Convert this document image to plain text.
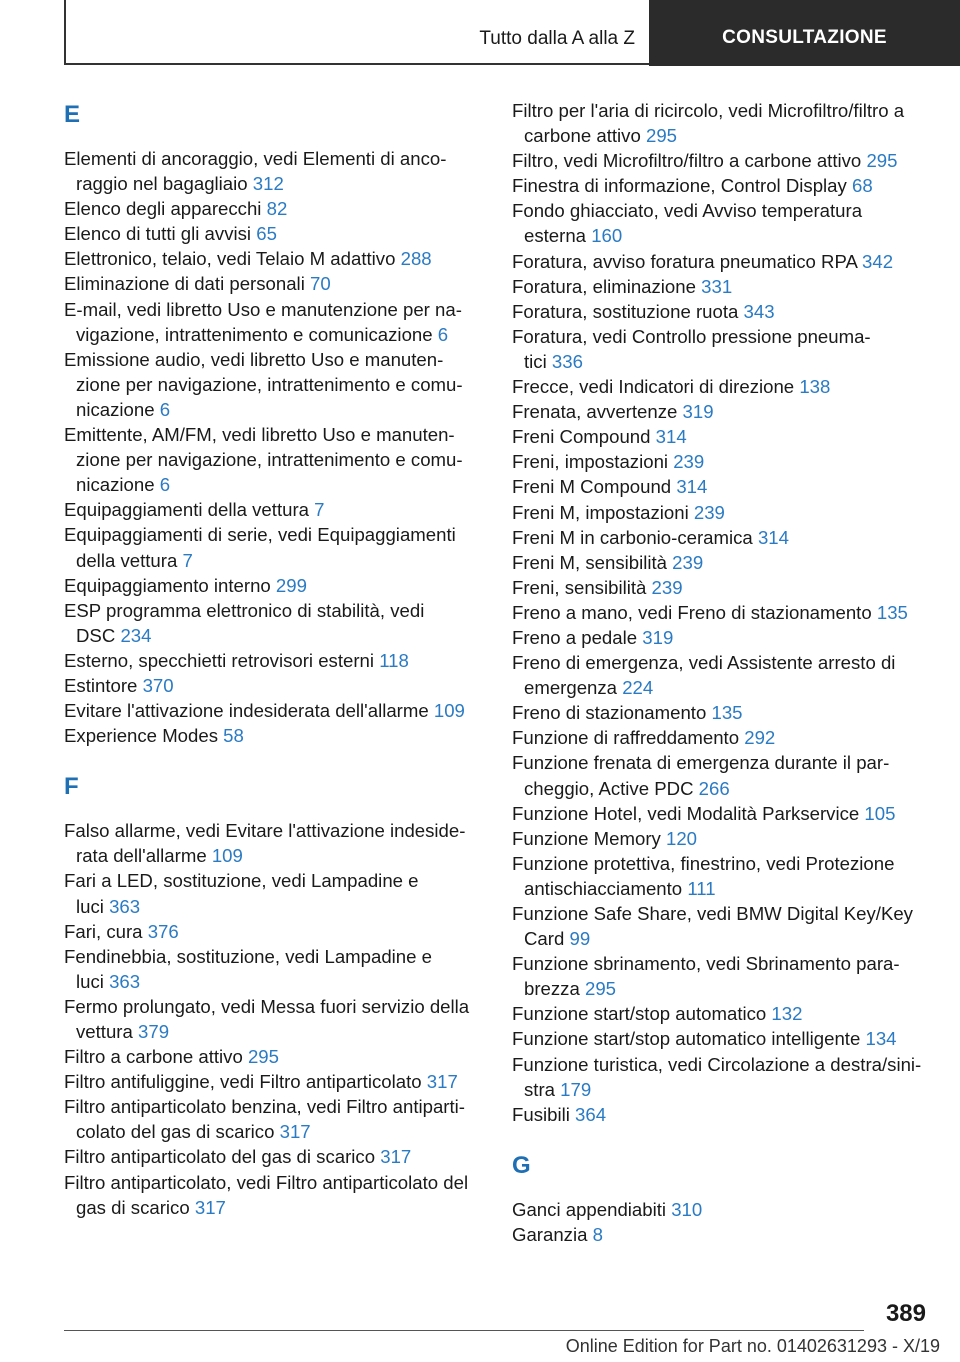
Tutto dalla A alla Z	CONSULTAZIONE

E

Elementi di ancoraggio, vedi Elementi di anco-
raggio nel bagagliaio 312

Elenco degli apparecchi 82

Elenco di tutti gli avvisi 65

Elettronico, telaio, vedi Telaio M adattivo 288

Eliminazione di dati personali 70

E-mail, vedi libretto Uso e manutenzione per na-
vigazione, intrattenimento e comunicazione 6

Emissione audio, vedi libretto Uso e manuten-
zione per navigazione, intrattenimento e comu-
nicazione 6

Emittente, AM/FM, vedi libretto Uso e manuten-
zione per navigazione, intrattenimento e comu-
nicazione 6

Equipaggiamenti della vettura 7

Equipaggiamenti di serie, vedi Equipaggiamenti
della vettura 7

Equipaggiamento interno 299

ESP programma elettronico di stabilità, vedi
DSC 234

Esterno, specchietti retrovisori esterni 118

Estintore 370

Evitare l'attivazione indesiderata dell'allarme 109

Experience Modes 58

F

Falso allarme, vedi Evitare l'attivazione indeside-
rata dell'allarme 109

Fari a LED, sostituzione, vedi Lampadine e
luci 363

Fari, cura 376

Fendinebbia, sostituzione, vedi Lampadine e
luci 363

Fermo prolungato, vedi Messa fuori servizio della
vettura 379

Filtro a carbone attivo 295

Filtro antifuliggine, vedi Filtro antiparticolato 317

Filtro antiparticolato benzina, vedi Filtro antiparti-
colato del gas di scarico 317

Filtro antiparticolato del gas di scarico 317

Filtro antiparticolato, vedi Filtro antiparticolato del
gas di scarico 317

Filtro per l'aria di ricircolo, vedi Microfiltro/filtro a
carbone attivo 295

Filtro, vedi Microfiltro/filtro a carbone attivo 295

Finestra di informazione, Control Display 68

Fondo ghiacciato, vedi Avviso temperatura
esterna 160

Foratura, avviso foratura pneumatico RPA 342

Foratura, eliminazione 331

Foratura, sostituzione ruota 343

Foratura, vedi Controllo pressione pneuma-
tici 336

Frecce, vedi Indicatori di direzione 138

Frenata, avvertenze 319

Freni Compound 314

Freni, impostazioni 239

Freni M Compound 314

Freni M, impostazioni 239

Freni M in carbonio-ceramica 314

Freni M, sensibilità 239

Freni, sensibilità 239

Freno a mano, vedi Freno di stazionamento 135

Freno a pedale 319

Freno di emergenza, vedi Assistente arresto di
emergenza 224

Freno di stazionamento 135

Funzione di raffreddamento 292

Funzione frenata di emergenza durante il par-
cheggio, Active PDC 266

Funzione Hotel, vedi Modalità Parkservice 105

Funzione Memory 120

Funzione protettiva, finestrino, vedi Protezione
antischiacciamento 111

Funzione Safe Share, vedi BMW Digital Key/Key
Card 99

Funzione sbrinamento, vedi Sbrinamento para-
brezza 295

Funzione start/stop automatico 132

Funzione start/stop automatico intelligente 134

Funzione turistica, vedi Circolazione a destra/sini-
stra 179

Fusibili 364

G

Ganci appendiabiti 310

Garanzia 8

389
Online Edition for Part no. 01402631293 - X/19
